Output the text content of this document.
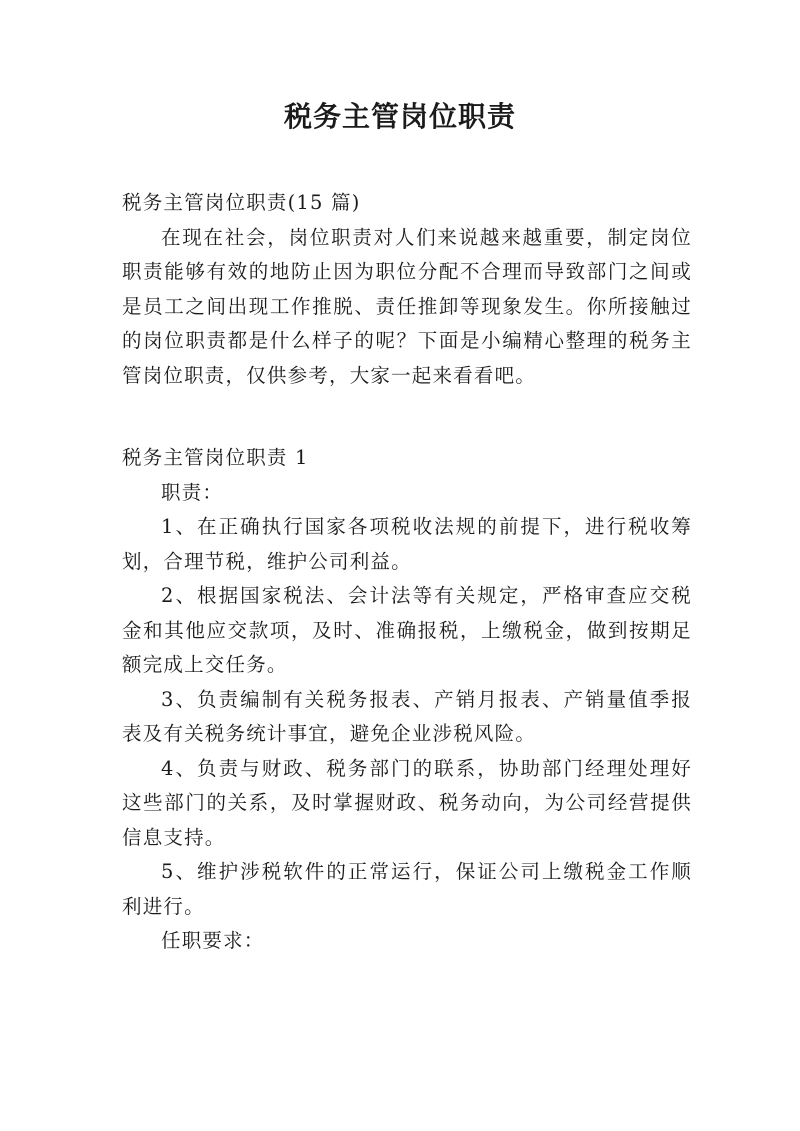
税务主管岗位职责

税务主管岗位职责(15 篇)

在现在社会，岗位职责对人们来说越来越重要，制定岗位职责能够有效的地防止因为职位分配不合理而导致部门之间或是员工之间出现工作推脱、责任推卸等现象发生。你所接触过的岗位职责都是什么样子的呢？下面是小编精心整理的税务主管岗位职责，仅供参考，大家一起来看看吧。

税务主管岗位职责 1

职责：

1、在正确执行国家各项税收法规的前提下，进行税收筹划，合理节税，维护公司利益。

2、根据国家税法、会计法等有关规定，严格审查应交税金和其他应交款项，及时、准确报税，上缴税金，做到按期足额完成上交任务。

3、负责编制有关税务报表、产销月报表、产销量值季报表及有关税务统计事宜，避免企业涉税风险。

4、负责与财政、税务部门的联系，协助部门经理处理好这些部门的关系，及时掌握财政、税务动向，为公司经营提供信息支持。

5、维护涉税软件的正常运行，保证公司上缴税金工作顺利进行。

任职要求：
